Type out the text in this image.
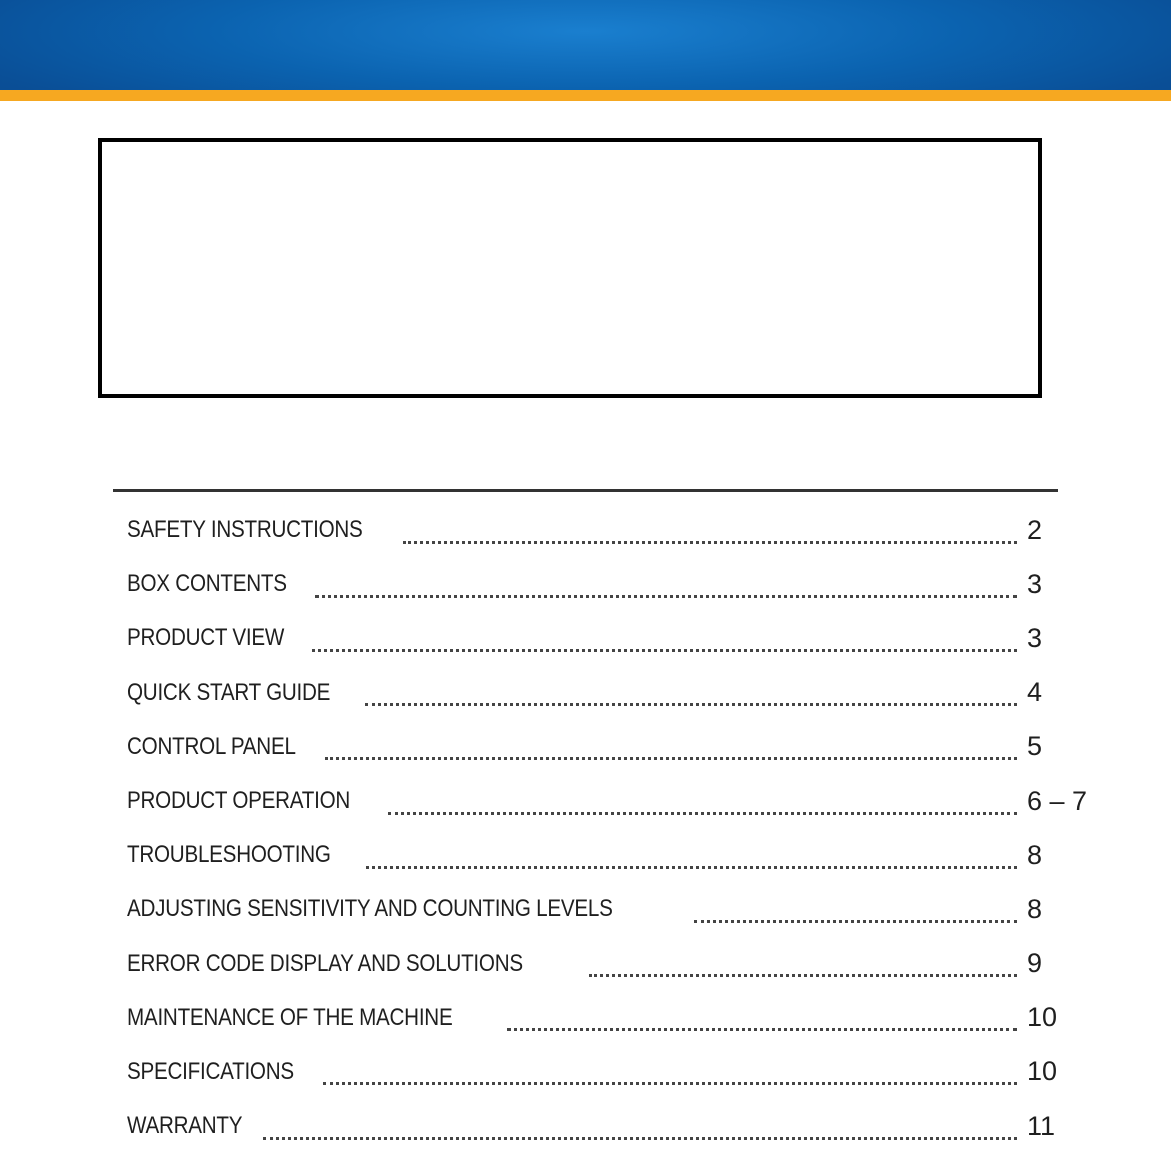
SAFETY INSTRUCTIONS	2
BOX CONTENTS	3
PRODUCT VIEW	3
QUICK START GUIDE	4
CONTROL PANEL	5
PRODUCT OPERATION	6 – 7
TROUBLESHOOTING	8
ADJUSTING SENSITIVITY AND COUNTING LEVELS	8
ERROR CODE DISPLAY AND SOLUTIONS	9
MAINTENANCE OF THE MACHINE	10
SPECIFICATIONS	10
WARRANTY	11
